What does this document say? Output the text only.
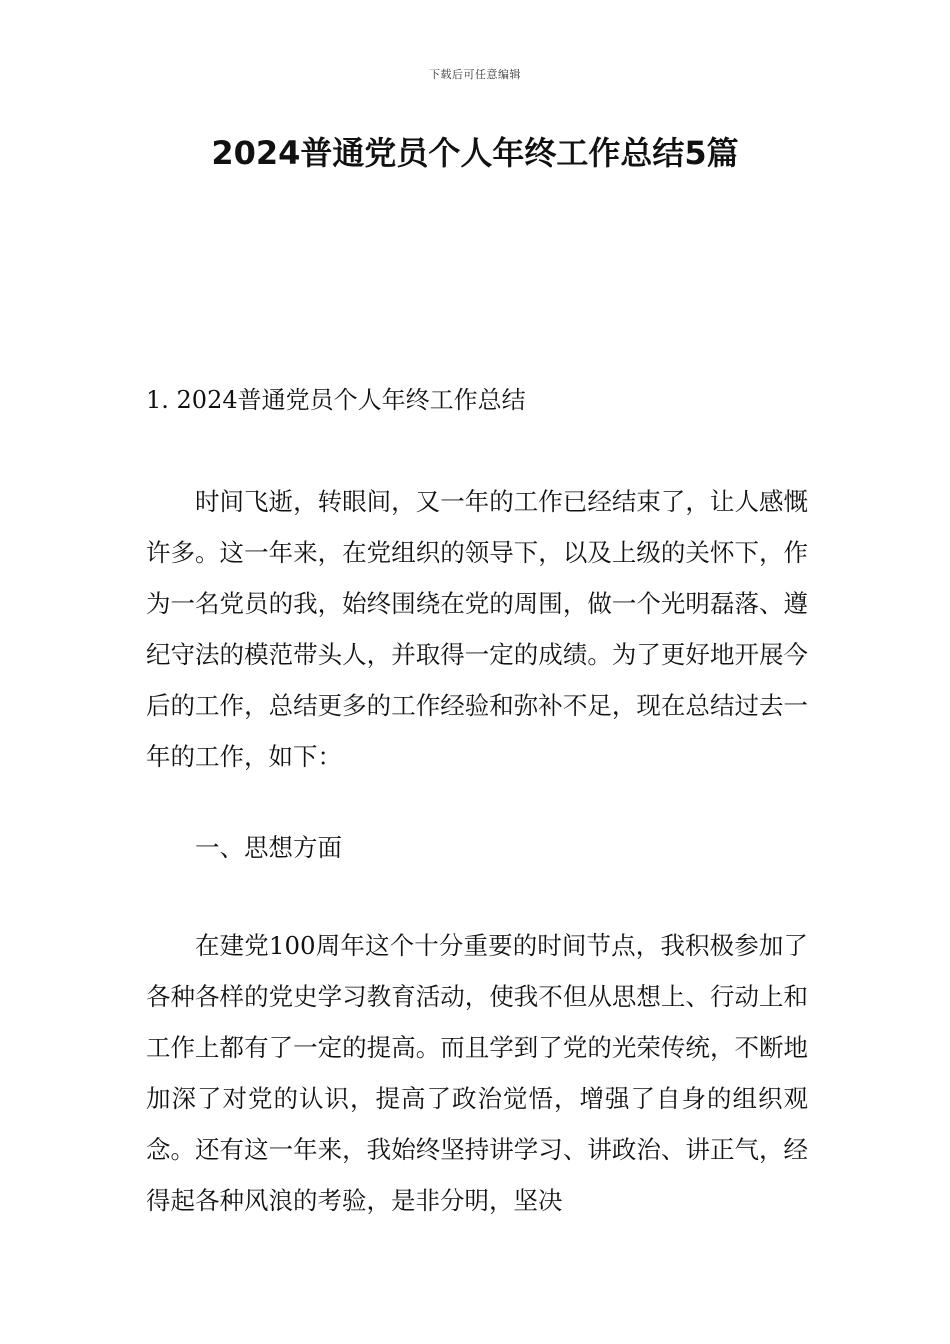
下载后可任意编辑
2024普通党员个人年终工作总结5篇
1. 2024普通党员个人年终工作总结

时间飞逝，转眼间，又一年的工作已经结束了，让人感慨许多。这一年来，在党组织的领导下，以及上级的关怀下，作为一名党员的我，始终围绕在党的周围，做一个光明磊落、遵纪守法的模范带头人，并取得一定的成绩。为了更好地开展今后的工作，总结更多的工作经验和弥补不足，现在总结过去一年的工作，如下：

一、思想方面

在建党100周年这个十分重要的时间节点，我积极参加了各种各样的党史学习教育活动，使我不但从思想上、行动上和工作上都有了一定的提高。而且学到了党的光荣传统，不断地加深了对党的认识，提高了政治觉悟，增强了自身的组织观念。还有这一年来，我始终坚持讲学习、讲政治、讲正气，经得起各种风浪的考验，是非分明，坚决
